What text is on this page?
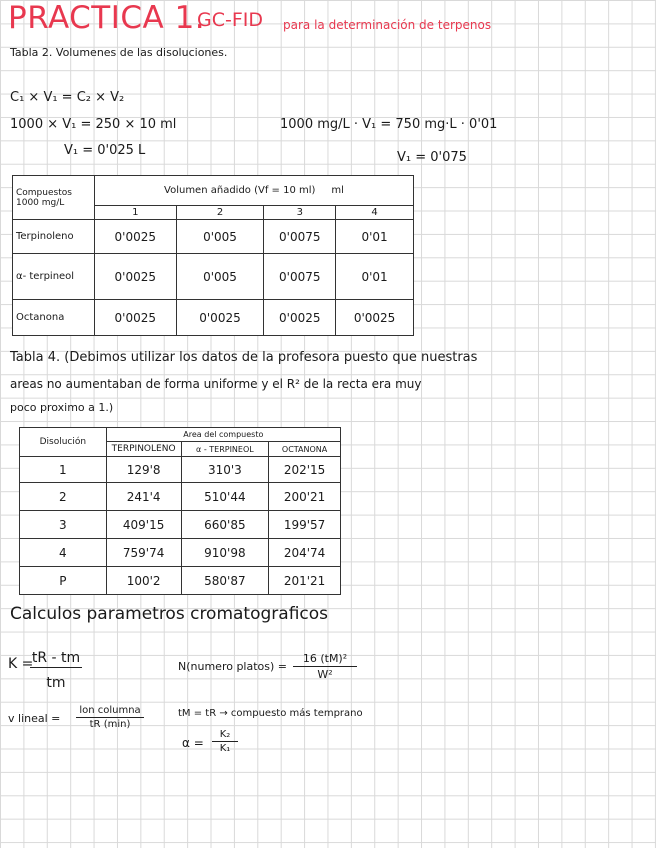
PRACTICA 1.
GC-FID para la determinación de terpenos
Tabla 2. Volumenes de las disoluciones.
C₁ × V₁ = C₂ × V₂
1000 × V₁ = 250 × 10 ml
V₁ = 0'025 L
1000 mg/L · V₁ = 750 mg·L · 0'01
V₁ = 0'075
Compuestos 1000 mg/L	Volumen añadido (Vf = 10 ml) ml			
	1	2	3	4
Terpinoleno	0'0025	0'005	0'0075	0'01
α- terpineol	0'0025	0'005	0'0075	0'01
Octanona	0'0025	0'0025	0'0025	0'0025
Tabla 4. (Debimos utilizar los datos de la profesora puesto que nuestras
areas no aumentaban de forma uniforme y el R² de la recta era muy
poco proximo a 1.)
Disolución	Area del compuesto		
	TERPINOLENO	α - TERPINEOL	OCTANONA
1	129'8	310'3	202'15
2	241'4	510'44	200'21
3	409'15	660'85	199'57
4	759'74	910'98	204'74
P	100'2	580'87	201'21
Calculos parametros cromatograficos
K =
tR - tm
tm
N(numero platos) =
16 (tM)²
W²
v lineal =
lon columna
tR (min)
tM = tR → compuesto más temprano
α =
K₂
K₁
